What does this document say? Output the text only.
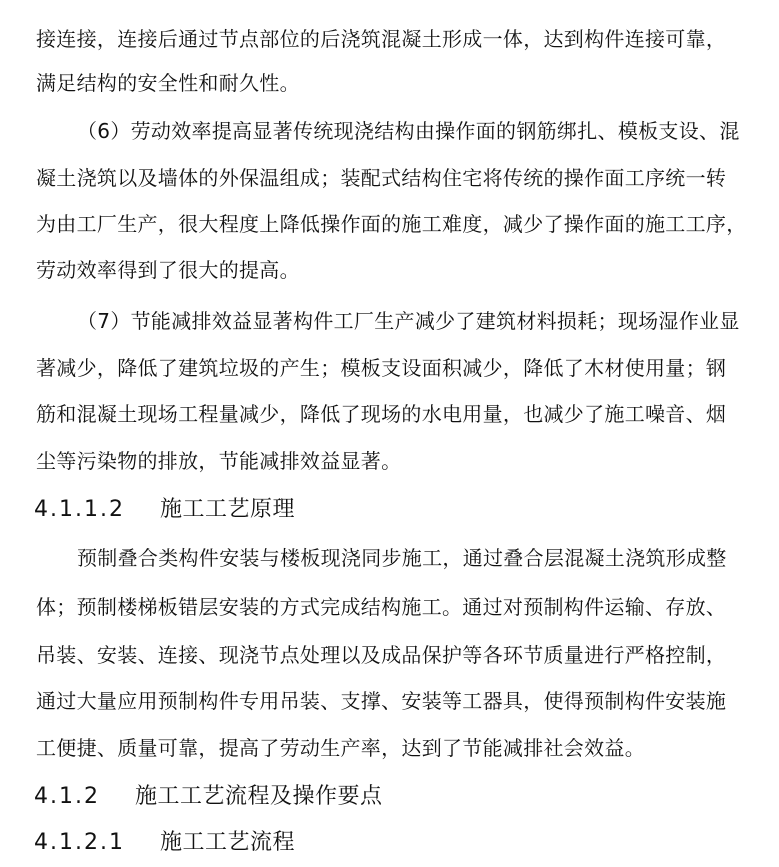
接连接，连接后通过节点部位的后浇筑混凝土形成一体，达到构件连接可靠，
满足结构的安全性和耐久性。
（6）劳动效率提高显著传统现浇结构由操作面的钢筋绑扎、模板支设、混
凝土浇筑以及墙体的外保温组成；装配式结构住宅将传统的操作面工序统一转
为由工厂生产，很大程度上降低操作面的施工难度，减少了操作面的施工工序，
劳动效率得到了很大的提高。
（7）节能减排效益显著构件工厂生产减少了建筑材料损耗；现场湿作业显
著减少，降低了建筑垃圾的产生；模板支设面积减少，降低了木材使用量；钢
筋和混凝土现场工程量减少，降低了现场的水电用量，也减少了施工噪音、烟
尘等污染物的排放，节能减排效益显著。
4.1.1.2 施工工艺原理
预制叠合类构件安装与楼板现浇同步施工，通过叠合层混凝土浇筑形成整
体；预制楼梯板错层安装的方式完成结构施工。通过对预制构件运输、存放、
吊装、安装、连接、现浇节点处理以及成品保护等各环节质量进行严格控制，
通过大量应用预制构件专用吊装、支撑、安装等工器具，使得预制构件安装施
工便捷、质量可靠，提高了劳动生产率，达到了节能减排社会效益。
4.1.2 施工工艺流程及操作要点
4.1.2.1 施工工艺流程
